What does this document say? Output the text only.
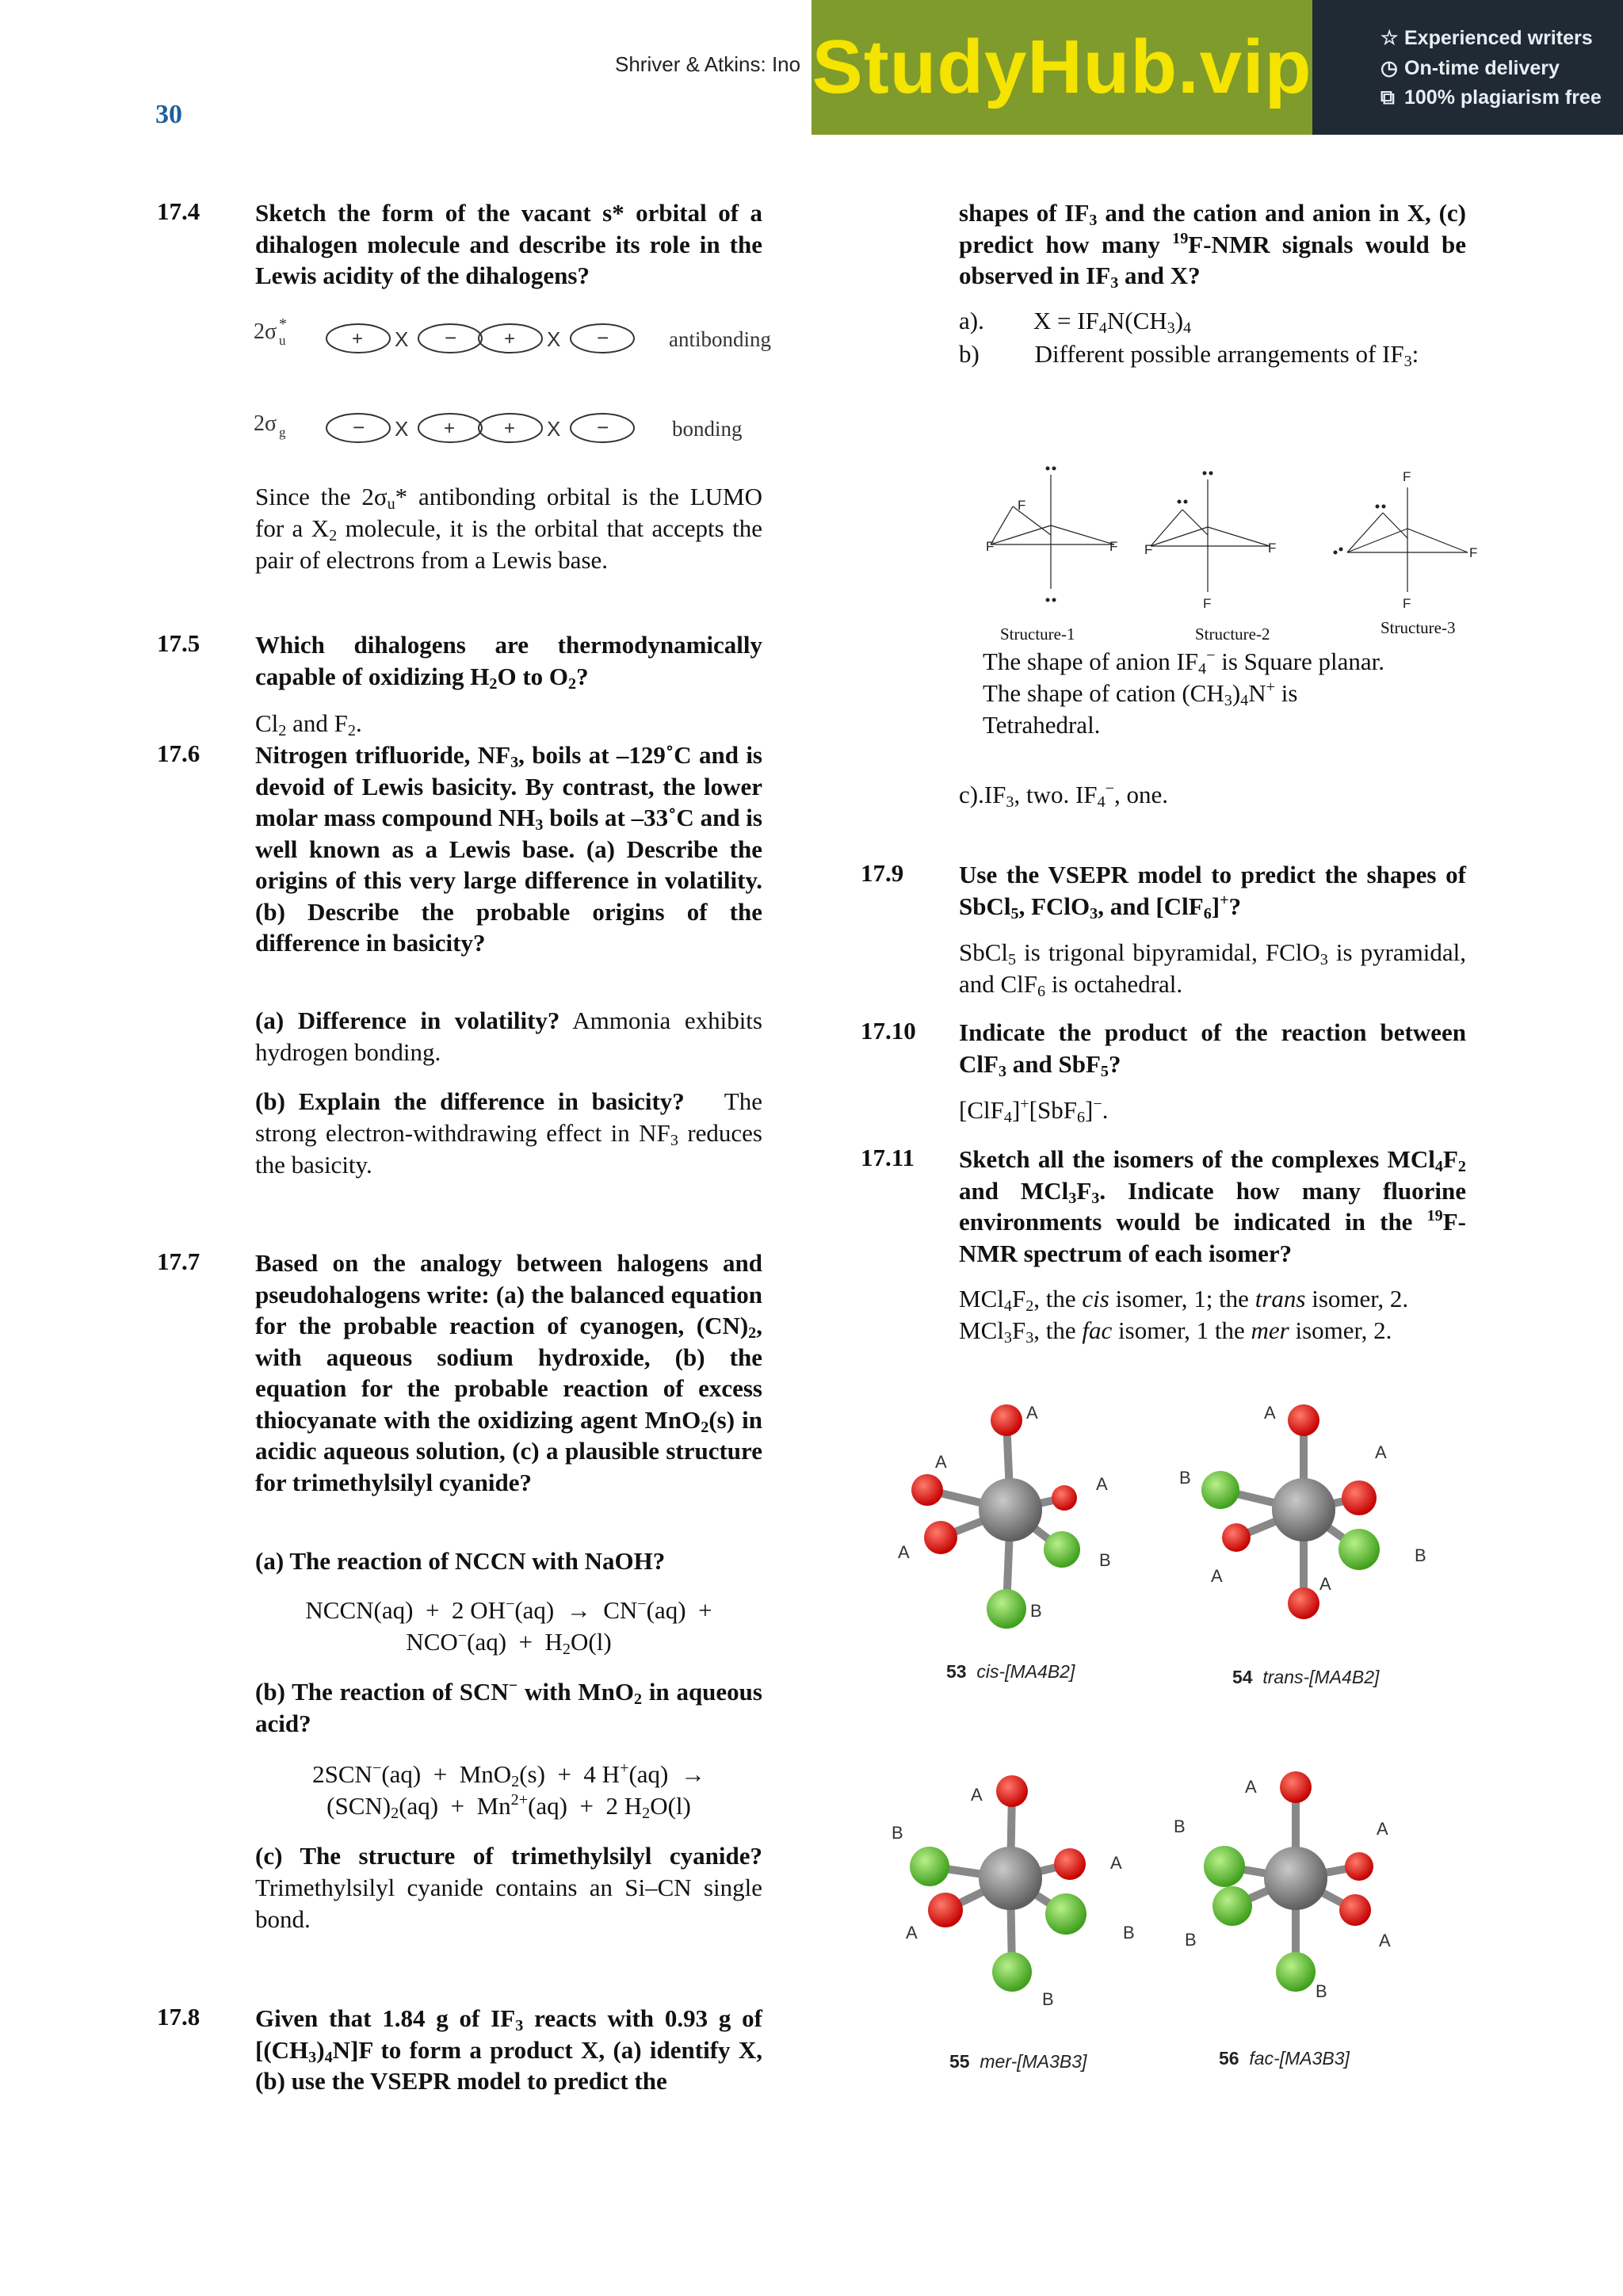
Shriver & Atkins: Ino
30
StudyHub.vip	☆ Experienced writers
◷ On-time delivery
⧉ 100% plagiarism free
17.4 Sketch the form of the vacant s* orbital of a dihalogen molecule and describe its role in the Lewis acidity of the dihalogens?
2σ u
*
+ X − + X −	antibonding
2σ g	− X +	+ X −	bonding
Since the $2\sigma_u*$ antibonding orbital is the LUMO for a $X_2$ molecule, it is the orbital that accepts the pair of electrons from a Lewis base.
17.5 Which dihalogens are thermodynamically capable of oxidizing $H_2O$ to $O_2$?
$Cl_2$ and $F_2$.
17.6 Nitrogen trifluoride, $NF_3$, boils at –129˚C and is devoid of Lewis basicity. By contrast, the lower molar mass compound $NH_3$ boils at –33˚C and is well known as a Lewis base. (a) Describe the origins of this very large difference in volatility. (b) Describe the probable origins of the difference in basicity?
(a) Difference in volatility? Ammonia exhibits hydrogen bonding.
(b) Explain the difference in basicity?   The strong electron-withdrawing effect in $NF_3$ reduces the basicity.
17.7 Based on the analogy between halogens and pseudohalogens write: (a) the balanced equation for the probable reaction of cyanogen, $(CN)_2$, with aqueous sodium hydroxide, (b) the equation for the probable reaction of excess thiocyanate with the oxidizing agent MnO$_2$(s) in acidic aqueous solution, (c) a plausible structure for trimethylsilyl cyanide?
(a) The reaction of NCCN with NaOH?
NCCN(aq)  +  2 OH−(aq)  →  CN−(aq)  +
$NCO^-(aq) + H_2O(l)$
(b) The reaction of SCN− with MnO$_2$ in aqueous acid?
2SCN−(aq)  +  MnO$_2$(s)  +  4 H+(aq)  →
$(SCN)_2(aq) + Mn^{2+}(aq) + 2$ $H_2O(l)$
(c) The structure of trimethylsilyl cyanide? Trimethylsilyl cyanide contains an Si–CN single bond.
17.8 Given that 1.84 g of $IF_3$ reacts with 0.93 g of $[(CH_3)_4N]F$ to form a product X, (a) identify X, (b) use the VSEPR model to predict the
shapes of $IF_3$ and the cation and anion in X, (c) predict how many $^{19}$F-NMR signals would be observed in $IF_3$ and X?
a).        $X = IF_4N(CH_3)_4$
b)         Different possible arrangements of $IF_3$:
F
F	F F	F
F
F
F
F
Structure-1	Structure-2	Structure-3
The shape of anion $IF_4^-$ is Square planar.
The shape of cation $(CH_3)_4N^+$ is
Tetrahedral.
$c).IF_3$, two. $IF_4^-$, one.
17.9 Use the VSEPR model to predict the shapes of SbCl$_5$, FClO$_3$, and [ClF$_6$]+?
SbCl$_5$ is trigonal bipyramidal, FClO$_3$ is pyramidal, and ClF$_6$ is octahedral.
17.10 Indicate the product of the reaction between ClF$_3$ and SbF$_5$?
[ClF$_4$]+[SbF$_6$]−.
17.11 Sketch all the isomers of the complexes $MCl_4F_2$ and $MCl_3F_3$. Indicate how many fluorine environments would be indicated in the $^{19}$F-NMR spectrum of each isomer?
$MCl_4F_2$, the cis isomer, 1; the trans isomer, 2.
$MCl_3F_3$, the fac isomer, 1 the mer isomer, 2.
A
A
A
A	B
B
A
A
B
B
A	A
A
B
A
A	B
B
A
B	A
B	A
B
53 cis-[MA4B2]	54 trans-[MA4B2]
55 mer-[MA3B3]	56 fac-[MA3B3]
